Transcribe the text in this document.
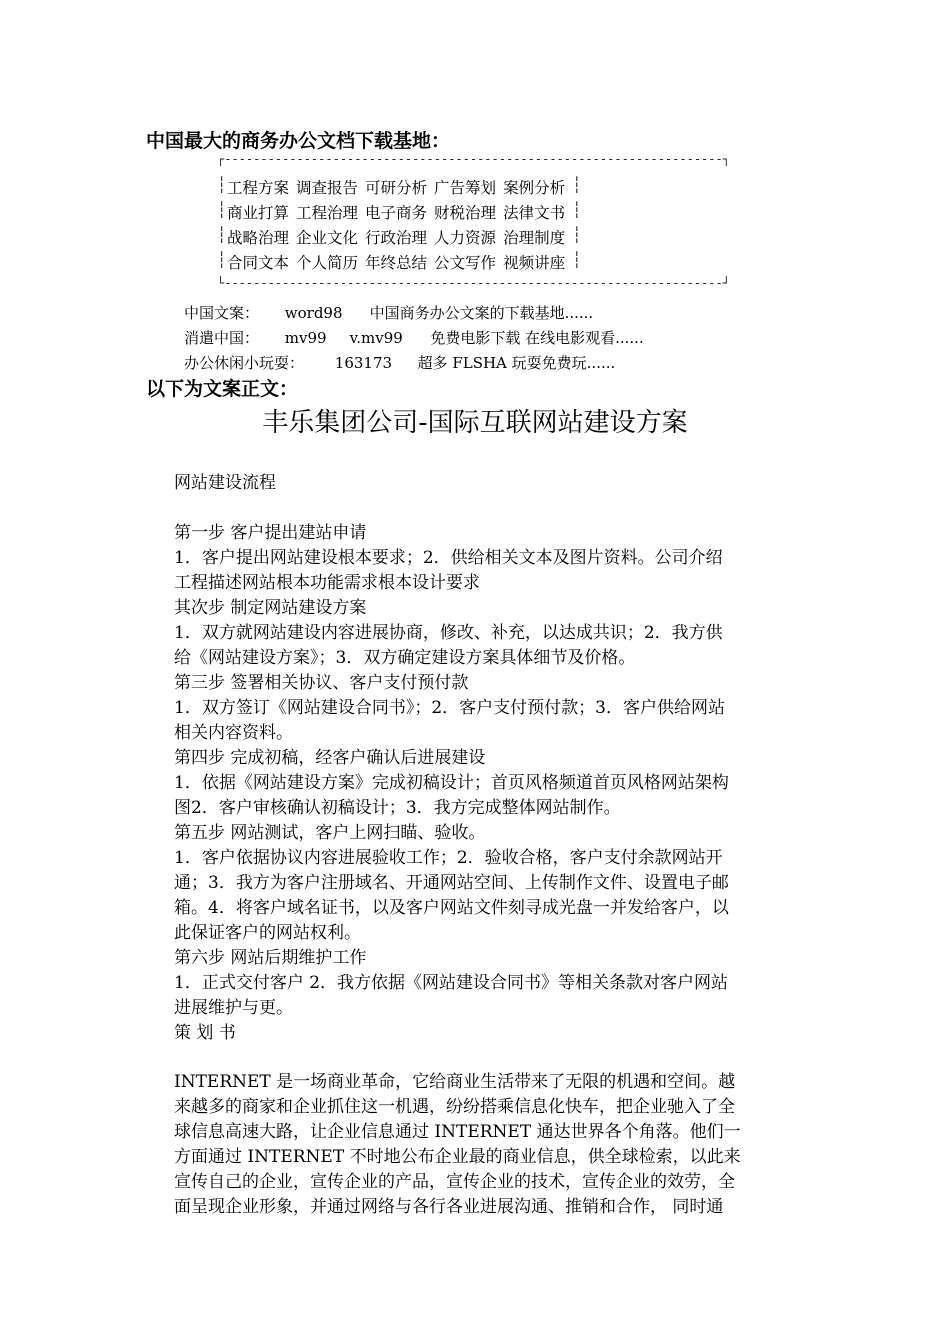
中国最大的商务办公文档下载基地：
┌---------------------------------------------------------------------┐
┆ 工程方案 调查报告 可研分析 广告筹划 案例分析 ┆
┆ 商业打算 工程治理 电子商务 财税治理 法律文书 ┆
┆ 战略治理 企业文化 行政治理 人力资源 治理制度 ┆
┆ 合同文本 个人简历 年终总结 公文写作 视频讲座 ┆
└---------------------------------------------------------------------┘
中国文案： word98 中国商务办公文案的下载基地......
消遣中国： mv99 v.mv99 免费电影下载 在线电影观看......
办公休闲小玩耍： 163173 超多 FLSHA 玩耍免费玩......
以下为文案正文：
丰乐集团公司-国际互联网站建设方案
网站建设流程
第一步 客户提出建站申请
1．客户提出网站建设根本要求；2．供给相关文本及图片资料。公司介绍
工程描述网站根本功能需求根本设计要求
其次步 制定网站建设方案
1．双方就网站建设内容进展协商，修改、补充，以达成共识；2．我方供
给《网站建设方案》；3．双方确定建设方案具体细节及价格。
第三步 签署相关协议、客户支付预付款
1．双方签订《网站建设合同书》；2．客户支付预付款；3．客户供给网站
相关内容资料。
第四步 完成初稿，经客户确认后进展建设
1．依据《网站建设方案》完成初稿设计；首页风格频道首页风格网站架构
图2．客户审核确认初稿设计；3．我方完成整体网站制作。
第五步 网站测试，客户上网扫瞄、验收。
1．客户依据协议内容进展验收工作；2．验收合格，客户支付余款网站开
通；3．我方为客户注册域名、开通网站空间、上传制作文件、设置电子邮
箱。4．将客户域名证书，以及客户网站文件刻寻成光盘一并发给客户，以
此保证客户的网站权利。
第六步 网站后期维护工作
1．正式交付客户 2．我方依据《网站建设合同书》等相关条款对客户网站
进展维护与更。
策 划 书
INTERNET 是一场商业革命，它给商业生活带来了无限的机遇和空间。越
来越多的商家和企业抓住这一机遇，纷纷搭乘信息化快车，把企业驰入了全
球信息高速大路，让企业信息通过 INTERNET 通达世界各个角落。他们一
方面通过 INTERNET 不时地公布企业最的商业信息，供全球检索，以此来
宣传自己的企业，宣传企业的产品，宣传企业的技术，宣传企业的效劳，全
面呈现企业形象，并通过网络与各行各业进展沟通、推销和合作， 同时通
